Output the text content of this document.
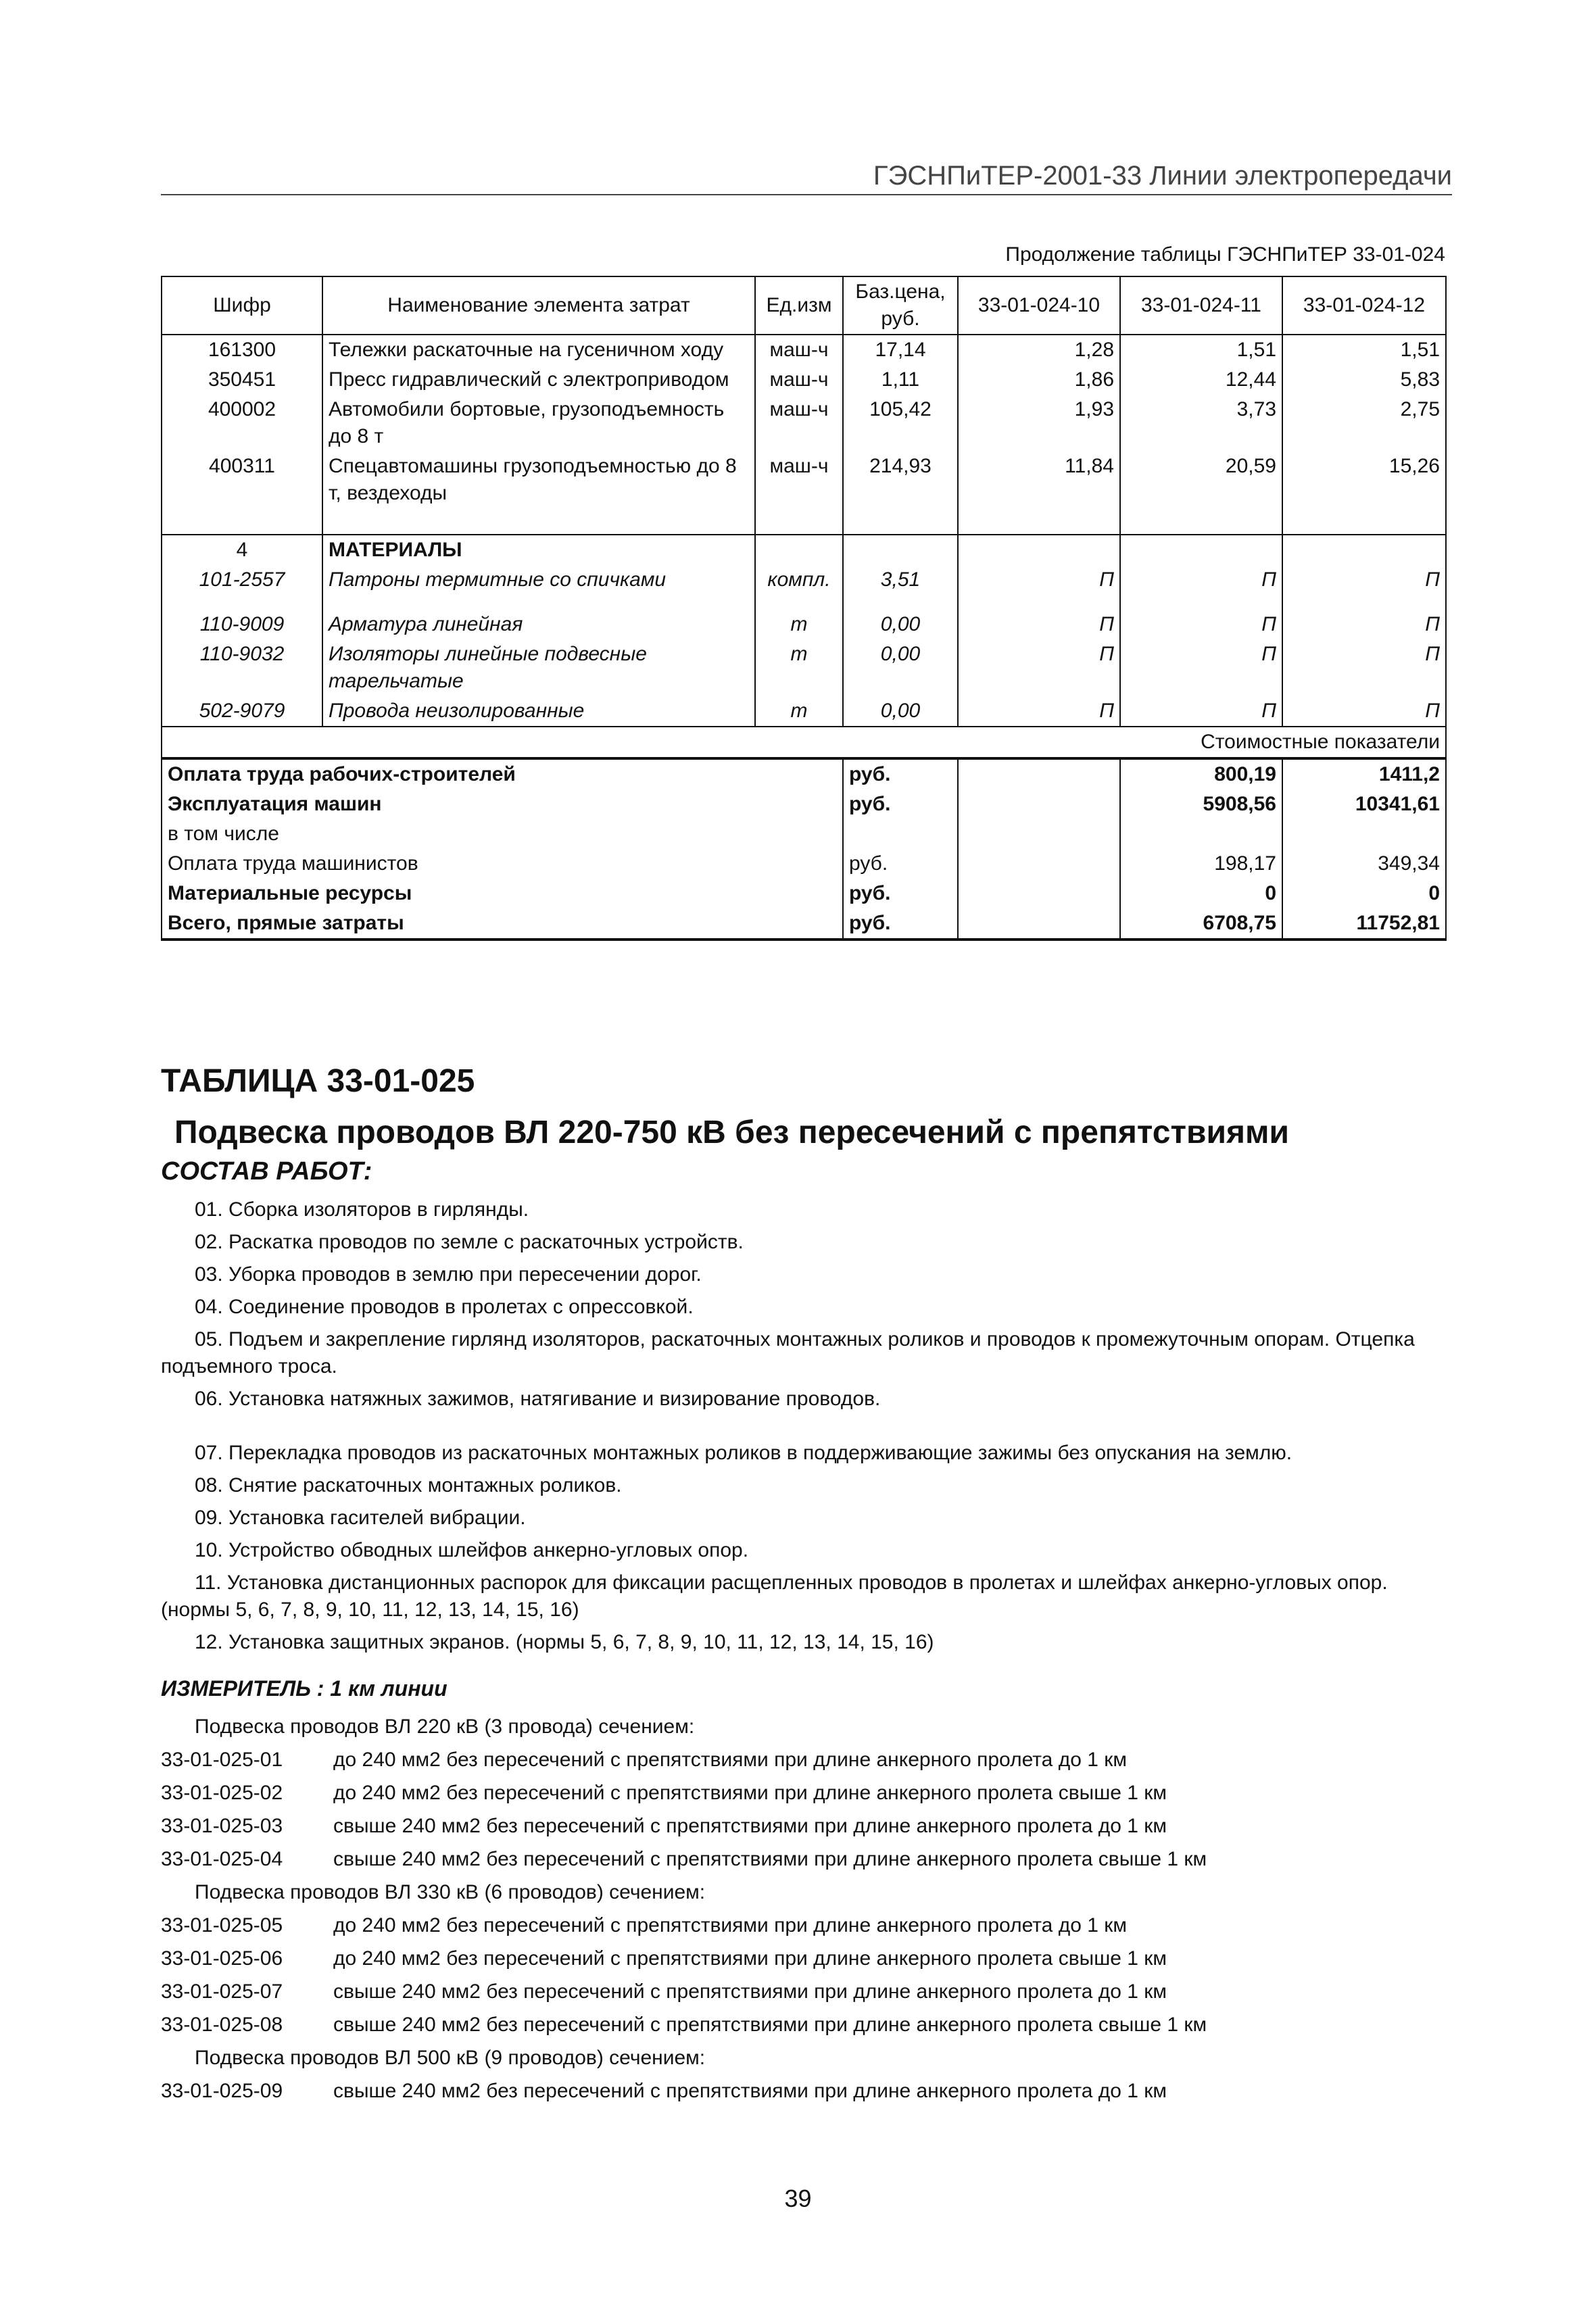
ГЭСНПиТЕР-2001-33 Линии электропередачи
Продолжение таблицы ГЭСНПиТЕР 33-01-024
Шифр	Наименование элемента затрат	Ед.изм	Баз.цена, руб.	33-01-024-10	33-01-024-11	33-01-024-12
161300	Тележки раскаточные на гусеничном ходу	маш-ч	17,14	1,28	1,51	1,51
350451	Пресс гидравлический с электроприводом	маш-ч	1,11	1,86	12,44	5,83
400002	Автомобили бортовые, грузоподъемность до 8 т	маш-ч	105,42	1,93	3,73	2,75
400311	Спецавтомашины грузоподъемностью до 8 т, вездеходы	маш-ч	214,93	11,84	20,59	15,26
4	МАТЕРИАЛЫ					
101-2557	Патроны термитные со спичками	компл.	3,51	П	П	П
110-9009	Арматура линейная	т	0,00	П	П	П
110-9032	Изоляторы линейные подвесные тарельчатые	т	0,00	П	П	П
502-9079	Провода неизолированные	т	0,00	П	П	П
Стоимостные показатели						
Оплата труда рабочих-строителей			руб.		800,19	1411,2
Эксплуатация машин			руб.		5908,56	10341,61
в том числе						
Оплата труда машинистов			руб.		198,17	349,34
Материальные ресурсы			руб.		0	0
Всего, прямые затраты			руб.		6708,75	11752,81
ТАБЛИЦА 33-01-025
Подвеска проводов ВЛ 220-750 кВ без пересечений с препятствиями
СОСТАВ РАБОТ:

01. Сборка изоляторов в гирлянды.

02. Раскатка проводов по земле с раскаточных устройств.

03. Уборка проводов в землю при пересечении дорог.

04. Соединение проводов в пролетах с опрессовкой.

05. Подъем и закрепление гирлянд изоляторов, раскаточных монтажных роликов и проводов к промежуточным опорам. Отцепка подъемного троса.

06. Установка натяжных зажимов, натягивание и визирование проводов.

07. Перекладка проводов из раскаточных монтажных роликов в поддерживающие зажимы без опускания на землю.

08. Снятие раскаточных монтажных роликов.

09. Установка гасителей вибрации.

10. Устройство обводных шлейфов анкерно-угловых опор.

11. Установка дистанционных распорок для фиксации расщепленных проводов в пролетах и шлейфах анкерно-угловых опор. (нормы 5, 6, 7, 8, 9, 10, 11, 12, 13, 14, 15, 16)

12. Установка защитных экранов. (нормы 5, 6, 7, 8, 9, 10, 11, 12, 13, 14, 15, 16)

ИЗМЕРИТЕЛЬ : 1 км линии
Подвеска проводов ВЛ 220 кВ (3 провода) сечением:
33-01-025-01	до 240 мм2 без пересечений с препятствиями при длине анкерного пролета до 1 км
33-01-025-02	до 240 мм2 без пересечений с препятствиями при длине анкерного пролета свыше 1 км
33-01-025-03	свыше 240 мм2 без пересечений с препятствиями при длине анкерного пролета до 1 км
33-01-025-04	свыше 240 мм2 без пересечений с препятствиями при длине анкерного пролета свыше 1 км
Подвеска проводов ВЛ 330 кВ (6 проводов) сечением:
33-01-025-05	до 240 мм2 без пересечений с препятствиями при длине анкерного пролета до 1 км
33-01-025-06	до 240 мм2 без пересечений с препятствиями при длине анкерного пролета свыше 1 км
33-01-025-07	свыше 240 мм2 без пересечений с препятствиями при длине анкерного пролета до 1 км
33-01-025-08	свыше 240 мм2 без пересечений с препятствиями при длине анкерного пролета свыше 1 км
Подвеска проводов ВЛ 500 кВ (9 проводов) сечением:
33-01-025-09	свыше 240 мм2 без пересечений с препятствиями при длине анкерного пролета до 1 км
39
